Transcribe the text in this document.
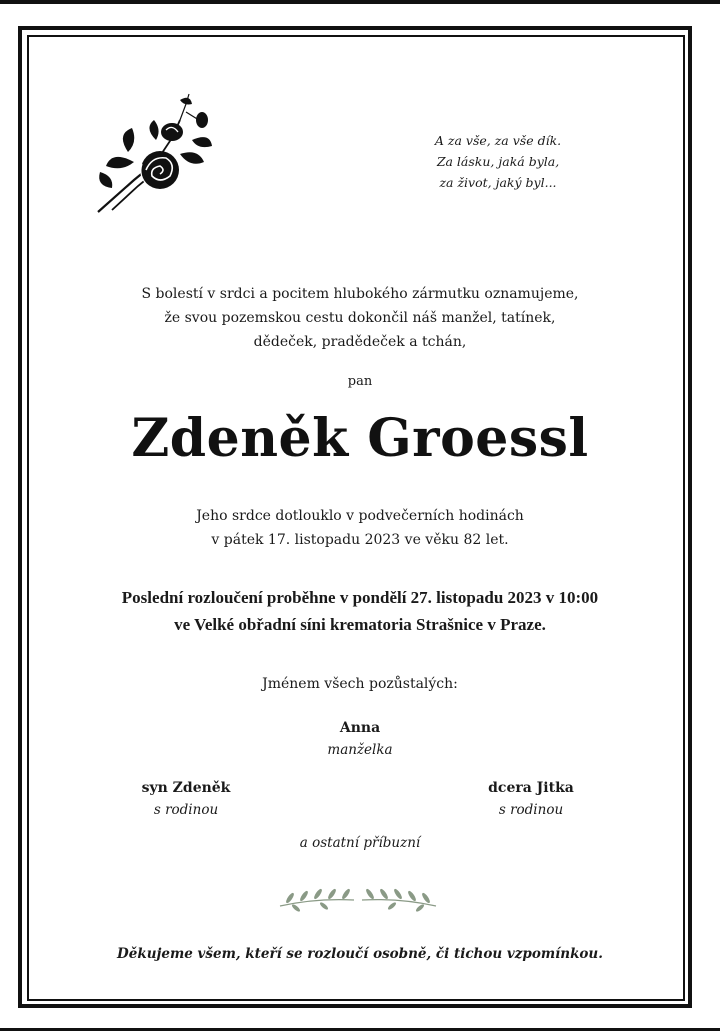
A za vše, za vše dík.
Za lásku, jaká byla,
za život, jaký byl...
S bolestí v srdci a pocitem hlubokého zármutku oznamujeme,
že svou pozemskou cestu dokončil náš manžel, tatínek,
dědeček, pradědeček a tchán,
pan
Zdeněk Groessl
Jeho srdce dotlouklo v podvečerních hodinách
v pátek 17. listopadu 2023 ve věku 82 let.
Poslední rozloučení proběhne v pondělí 27. listopadu 2023 v 10:00
ve Velké obřadní síni krematoria Strašnice v Praze.
Jménem všech pozůstalých:
Anna
manželka
syn Zdeněk
s rodinou
dcera Jitka
s rodinou
a ostatní příbuzní
Děkujeme všem, kteří se rozloučí osobně, či tichou vzpomínkou.
